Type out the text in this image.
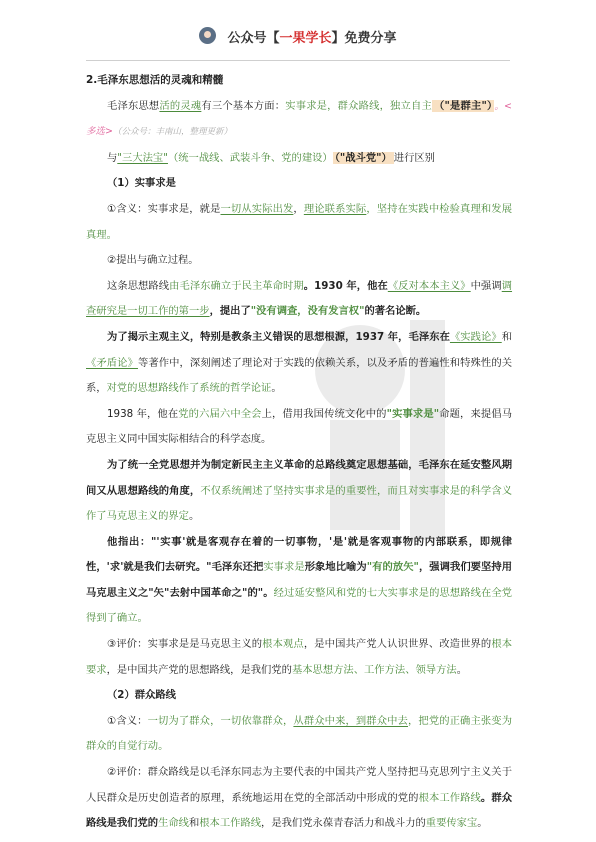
公众号【一果学长】免费分享

2.毛泽东思想活的灵魂和精髓

毛泽东思想活的灵魂有三个基本方面：实事求是，群众路线，独立自主 （"是群主"） 。<多选>（公众号：丰南山，整理更新）

与"三大法宝"（统一战线、武装斗争、党的建设） （"战斗党"） 进行区别

（1）实事求是

①含义：实事求是，就是一切从实际出发，理论联系实际，坚持在实践中检验真理和发展真理。

②提出与确立过程。

这条思想路线由毛泽东确立于民主革命时期。1930 年，他在《反对本本主义》中强调调查研究是一切工作的第一步，提出了"没有调查，没有发言权"的著名论断。

为了揭示主观主义，特别是教条主义错误的思想根源，1937 年，毛泽东在《实践论》和《矛盾论》等著作中，深刻阐述了理论对于实践的依赖关系，以及矛盾的普遍性和特殊性的关系，对党的思想路线作了系统的哲学论证。

1938 年，他在党的六届六中全会上，借用我国传统文化中的"实事求是"命题，来提倡马克思主义同中国实际相结合的科学态度。

为了统一全党思想并为制定新民主主义革命的总路线奠定思想基础，毛泽东在延安整风期间又从思想路线的角度，不仅系统阐述了坚持实事求是的重要性，而且对实事求是的科学含义作了马克思主义的界定。

他指出："'实事'就是客观存在着的一切事物，'是'就是客观事物的内部联系，即规律性，'求'就是我们去研究。"毛泽东还把实事求是形象地比喻为"有的放矢"，强调我们要坚持用马克思主义之"矢"去射中国革命之"的"。经过延安整风和党的七大实事求是的思想路线在全党得到了确立。

③评价：实事求是是马克思主义的根本观点，是中国共产党人认识世界、改造世界的根本要求，是中国共产党的思想路线，是我们党的基本思想方法、工作方法、领导方法。

（2）群众路线

①含义：一切为了群众，一切依靠群众，从群众中来，到群众中去，把党的正确主张变为群众的自觉行动。

②评价：群众路线是以毛泽东同志为主要代表的中国共产党人坚持把马克思列宁主义关于人民群众是历史创造者的原理，系统地运用在党的全部活动中形成的党的根本工作路线。群众路线是我们党的生命线和根本工作路线，是我们党永葆青春活力和战斗力的重要传家宝。
